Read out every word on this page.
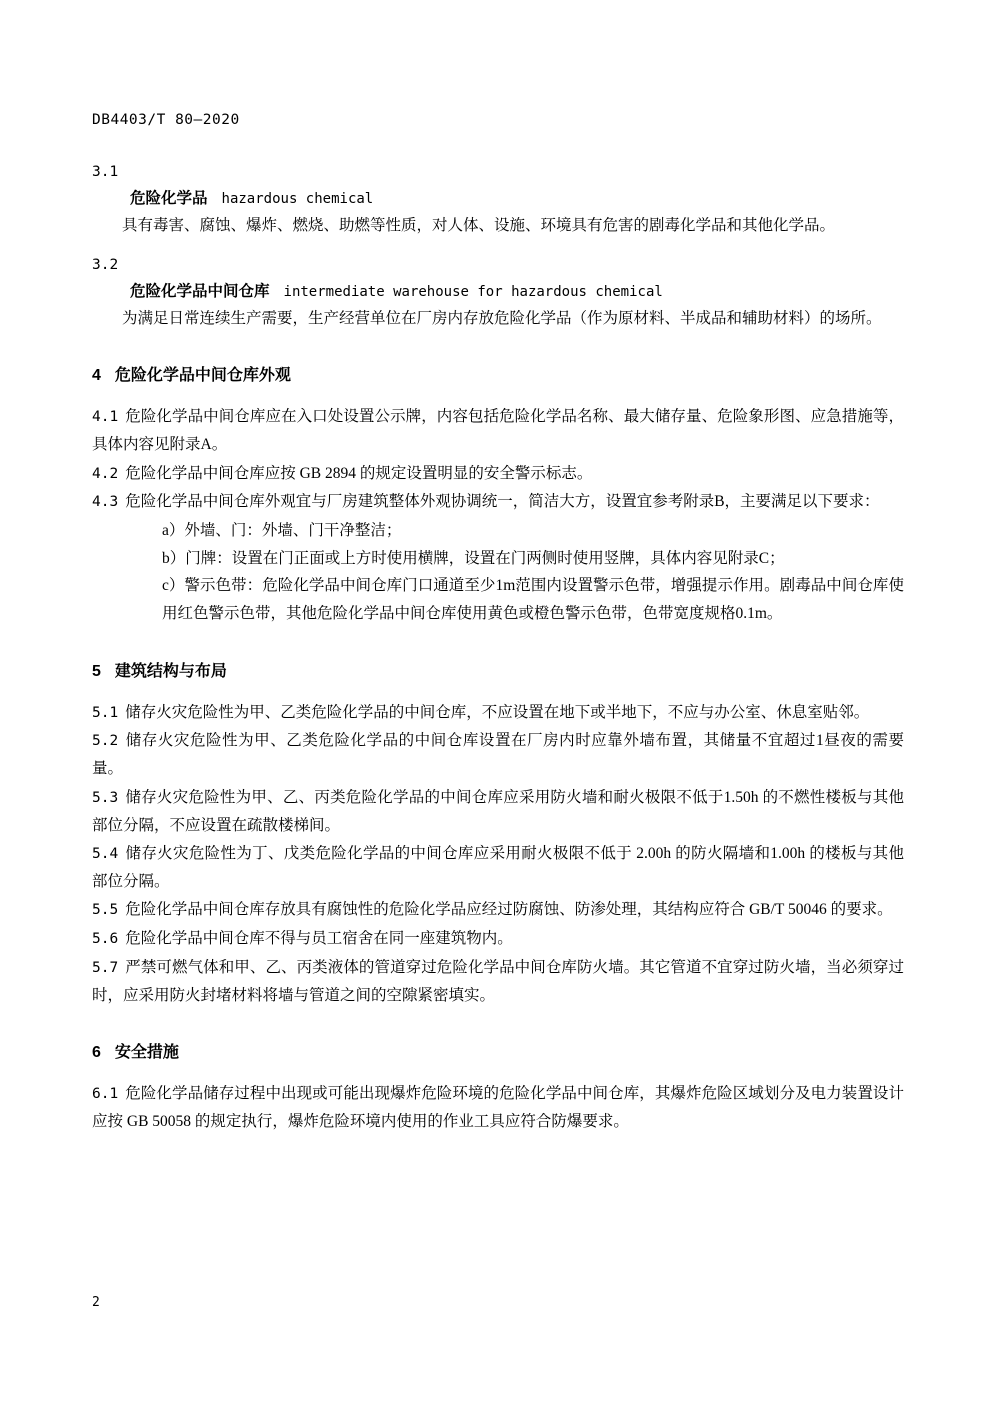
DB4403/T 80—2020
3.1
危险化学品 hazardous chemical

具有毒害、腐蚀、爆炸、燃烧、助燃等性质，对人体、设施、环境具有危害的剧毒化学品和其他化学品。

3.2
危险化学品中间仓库 intermediate warehouse for hazardous chemical

为满足日常连续生产需要，生产经营单位在厂房内存放危险化学品（作为原材料、半成品和辅助材料）的场所。

4 危险化学品中间仓库外观

4.1 危险化学品中间仓库应在入口处设置公示牌，内容包括危险化学品名称、最大储存量、危险象形图、应急措施等，具体内容见附录A。

4.2 危险化学品中间仓库应按 GB 2894 的规定设置明显的安全警示标志。

4.3 危险化学品中间仓库外观宜与厂房建筑整体外观协调统一，简洁大方，设置宜参考附录B，主要满足以下要求：

a）外墙、门：外墙、门干净整洁；

b）门牌：设置在门正面或上方时使用横牌，设置在门两侧时使用竖牌，具体内容见附录C；

c）警示色带：危险化学品中间仓库门口通道至少1m范围内设置警示色带，增强提示作用。剧毒品中间仓库使用红色警示色带，其他危险化学品中间仓库使用黄色或橙色警示色带，色带宽度规格0.1m。

5 建筑结构与布局

5.1 储存火灾危险性为甲、乙类危险化学品的中间仓库，不应设置在地下或半地下，不应与办公室、休息室贴邻。

5.2 储存火灾危险性为甲、乙类危险化学品的中间仓库设置在厂房内时应靠外墙布置，其储量不宜超过1昼夜的需要量。

5.3 储存火灾危险性为甲、乙、丙类危险化学品的中间仓库应采用防火墙和耐火极限不低于1.50h 的不燃性楼板与其他部位分隔，不应设置在疏散楼梯间。

5.4 储存火灾危险性为丁、戊类危险化学品的中间仓库应采用耐火极限不低于 2.00h 的防火隔墙和1.00h 的楼板与其他部位分隔。

5.5 危险化学品中间仓库存放具有腐蚀性的危险化学品应经过防腐蚀、防渗处理，其结构应符合 GB/T 50046 的要求。

5.6 危险化学品中间仓库不得与员工宿舍在同一座建筑物内。

5.7 严禁可燃气体和甲、乙、丙类液体的管道穿过危险化学品中间仓库防火墙。其它管道不宜穿过防火墙，当必须穿过时，应采用防火封堵材料将墙与管道之间的空隙紧密填实。

6 安全措施

6.1 危险化学品储存过程中出现或可能出现爆炸危险环境的危险化学品中间仓库，其爆炸危险区域划分及电力装置设计应按 GB 50058 的规定执行，爆炸危险环境内使用的作业工具应符合防爆要求。

2
